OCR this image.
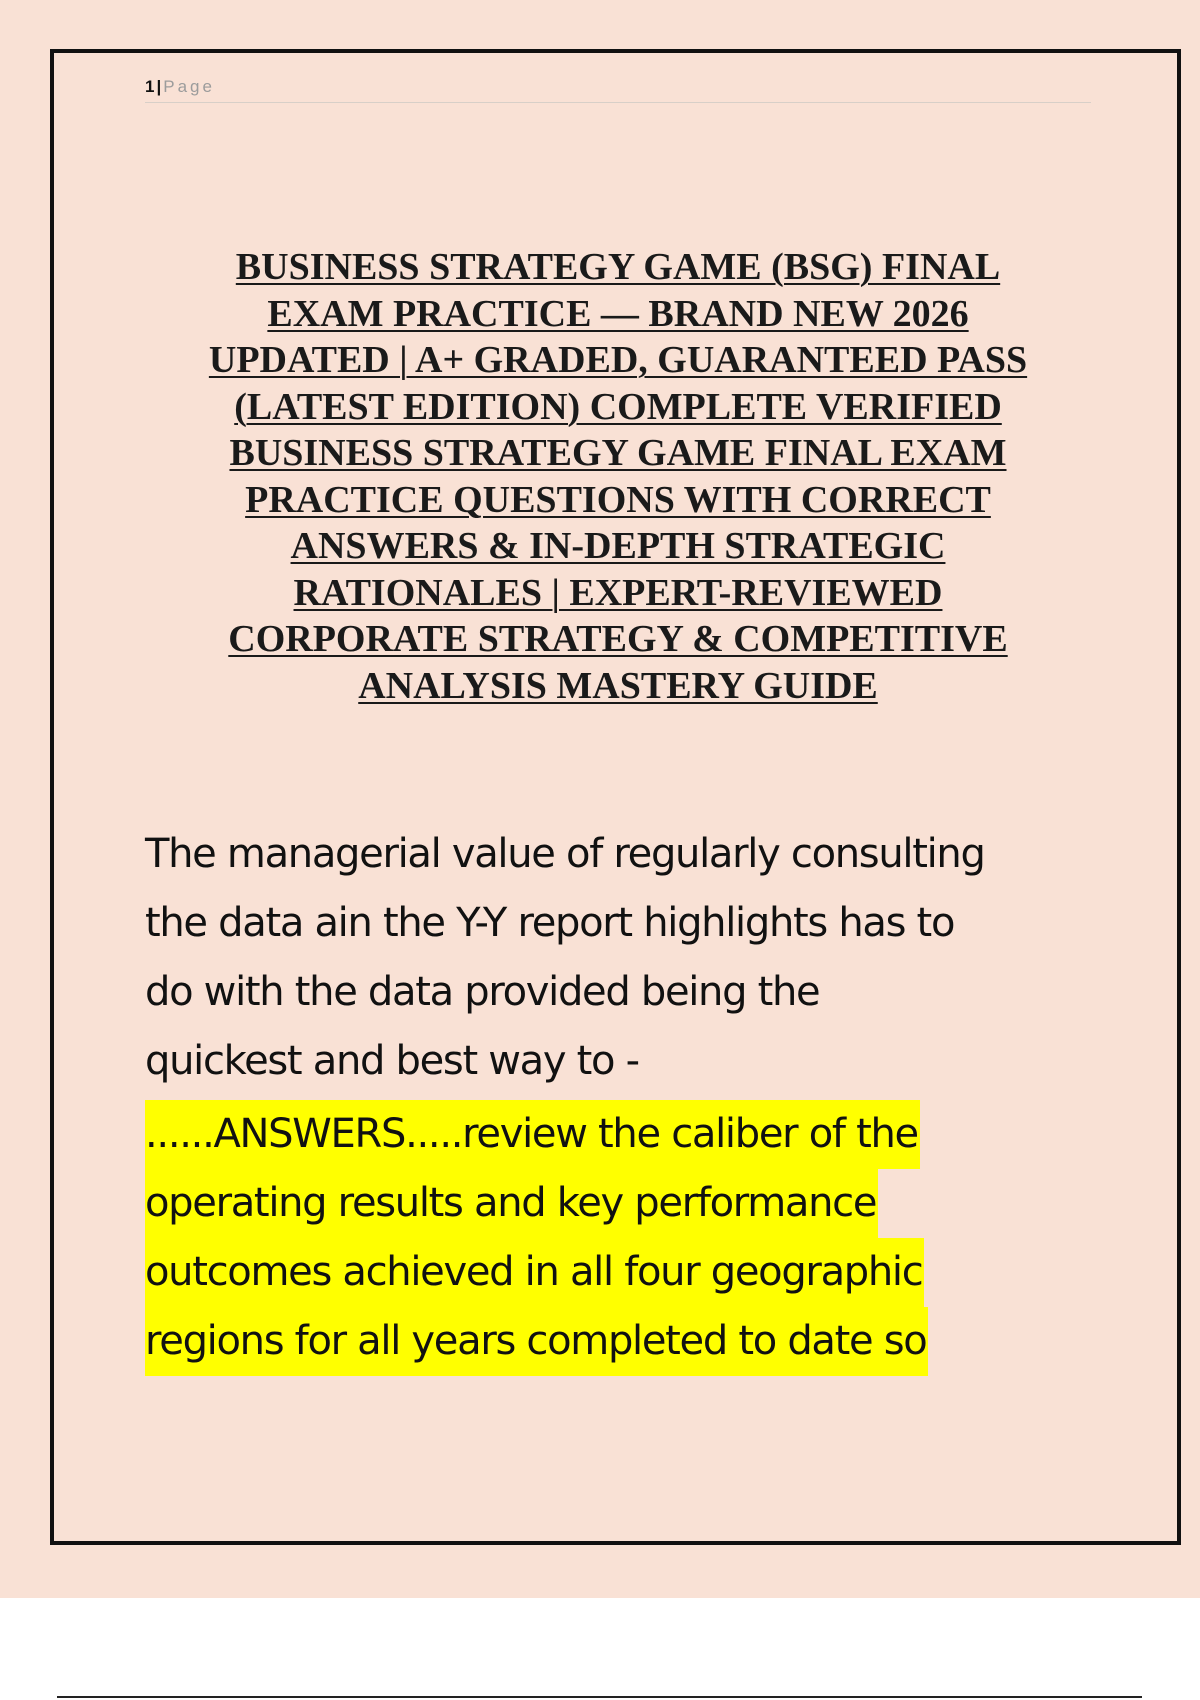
1 | Page
BUSINESS STRATEGY GAME (BSG) FINAL
EXAM PRACTICE — BRAND NEW 2026
UPDATED | A+ GRADED, GUARANTEED PASS
(LATEST EDITION) COMPLETE VERIFIED
BUSINESS STRATEGY GAME FINAL EXAM
PRACTICE QUESTIONS WITH CORRECT
ANSWERS & IN-DEPTH STRATEGIC
RATIONALES | EXPERT-REVIEWED
CORPORATE STRATEGY & COMPETITIVE
ANALYSIS MASTERY GUIDE

The managerial value of regularly consulting
the data ain the Y-Y report highlights has to
do with the data provided being the
quickest and best way to -

......ANSWERS.....review the caliber of the
operating results and key performance
outcomes achieved in all four geographic
regions for all years completed to date so
